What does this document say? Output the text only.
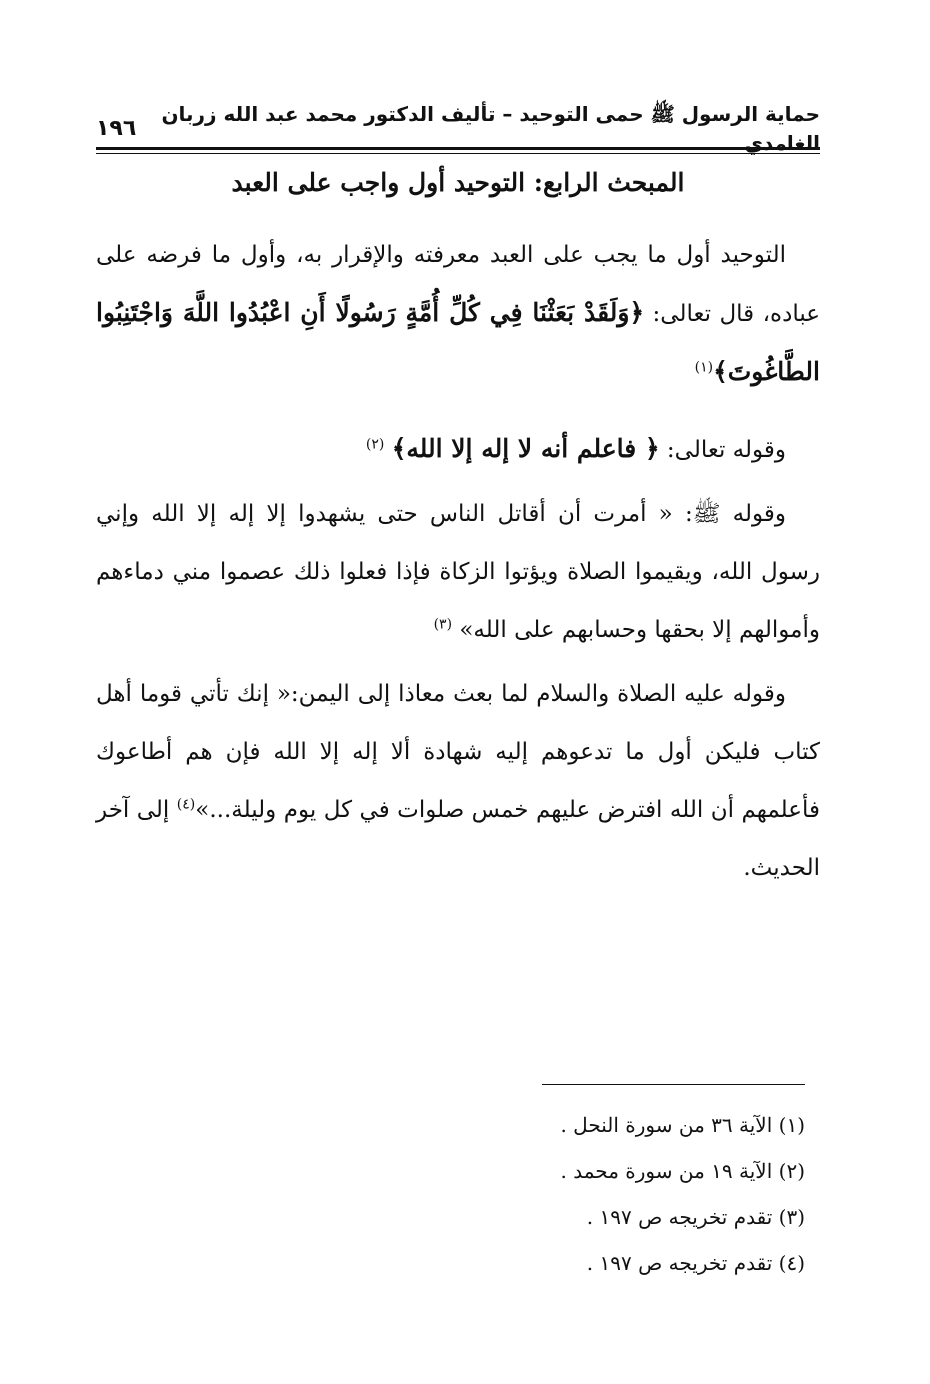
حماية الرسول ﷺ حمى التوحيد – تأليف الدكتور محمد عبد الله زربان الغامدي
١٩٦
المبحث الرابع: التوحيد أول واجب على العبد

التوحيد أول ما يجب على العبد معرفته والإقرار به، وأول ما فرضه على عباده، قال تعالى: ﴿وَلَقَدْ بَعَثْنَا فِي كُلِّ أُمَّةٍ رَسُولًا أَنِ اعْبُدُوا اللَّهَ وَاجْتَنِبُوا الطَّاغُوتَ﴾$^{(١)}$

وقوله تعالى: ﴿ فاعلم أنه لا إله إلا الله﴾ $^{(٢)}$

وقوله ﷺ: « أمرت أن أقاتل الناس حتى يشهدوا إلا إله إلا الله وإني رسول الله، ويقيموا الصلاة ويؤتوا الزكاة فإذا فعلوا ذلك عصموا مني دماءهم وأموالهم إلا بحقها وحسابهم على الله» $^{(٣)}$

وقوله عليه الصلاة والسلام لما بعث معاذا إلى اليمن:« إنك تأتي قوما أهل كتاب فليكن أول ما تدعوهم إليه شهادة ألا إله إلا الله فإن هم أطاعوك فأعلمهم أن الله افترض عليهم خمس صلوات في كل يوم وليلة...»$^{(٤)}$ إلى آخر الحديث.

(١) الآية ٣٦ من سورة النحل .
(٢) الآية ١٩ من سورة محمد .
(٣) تقدم تخريجه ص ١٩٧ .
(٤) تقدم تخريجه ص ١٩٧ .
